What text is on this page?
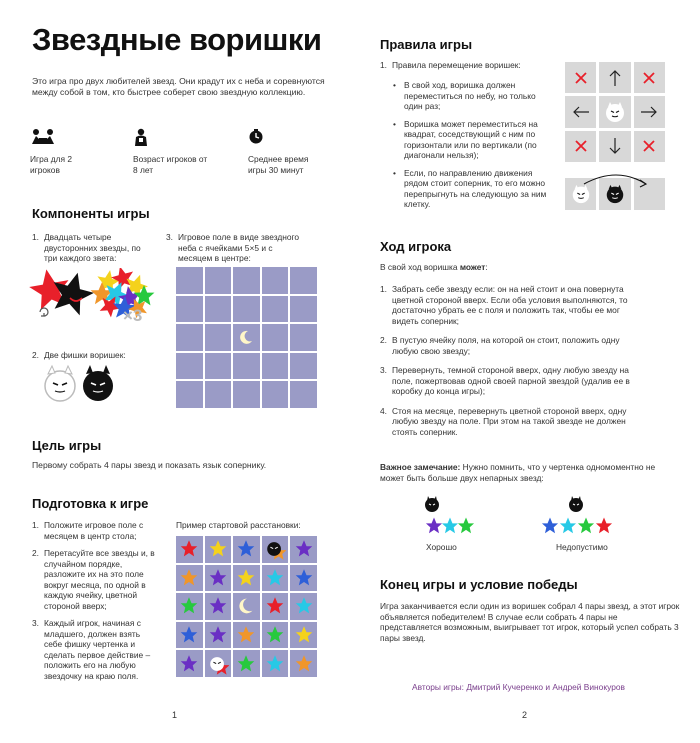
Звездные воришки
Это игра про двух любителей звезд. Они крадут их с неба и соревнуются между собой в том, кто быстрее соберет свою звездную коллекцию.
Игра для 2 игроков
Возраст игроков от 8 лет
Среднее время игры 30 минут
Компоненты игры
1. Двадцать четыре двусторонних звезды, по три каждого зветa:
×3
2. Две фишки воришек:
3. Игровое поле в виде звездного неба с ячейками 5×5 и с месяцем в центре:
Цель игры
Первому собрать 4 пары звезд и показать язык сопернику.
Подготовка к игре
1. Положите игровое поле с месяцем в центр стола;
2. Перетасуйте все звезды и, в случайном порядке, разложите их на это поле вокруг месяца, по одной в каждую ячейку, цветной стороной вверх;
3. Каждый игрок, начиная с младшего, должен взять себе фишку чертенка и сделать первое действие – положить его на любую звездочку на краю поля.
Пример стартовой расстановки:
1
Правила игры
1. Правила перемещение воришек:
• В свой ход, воришка должен переместиться по небу, но только один раз;
• Воришка может переместиться на квадрат, соседствующий с ним по горизонтали или по вертикали (по диагонали нельзя);
• Если, по направлению движения рядом стоит соперник, то его можно перепрыгнуть на следующую за ним клетку.
Ход игрока
В свой ход воришка может:
1. Забрать себе звезду если: он на ней стоит и она повернута цветной стороной вверх. Если оба условия выполняются, то достаточно убрать ее с поля и положить так, чтобы ее мог видеть соперник;
2. В пустую ячейку поля, на которой он стоит, положить одну любую свою звезду;
3. Перевернуть, темной стороной вверх, одну любую звезду на поле, пожертвовав одной своей парной звездой (удалив ее в коробку до конца игры);
4. Стоя на месяце, перевернуть цветной стороной вверх, одну любую звезду на поле. При этом на такой звезде не должен стоять соперник.
Важное замечание: Нужно помнить, что у чертенка одномоментно не может быть больше двух непарных звезд:
Хорошо	Недопустимо
Конец игры и условие победы
Игра заканчивается если один из воришек собрал 4 пары звезд, а этот игрок объявляется победителем! В случае если собрать 4 пары не представляется возможным, выигрывает тот игрок, который успел собрать 3 пары звезд.
Авторы игры: Дмитрий Кучеренко и Андрей Винокуров
2
